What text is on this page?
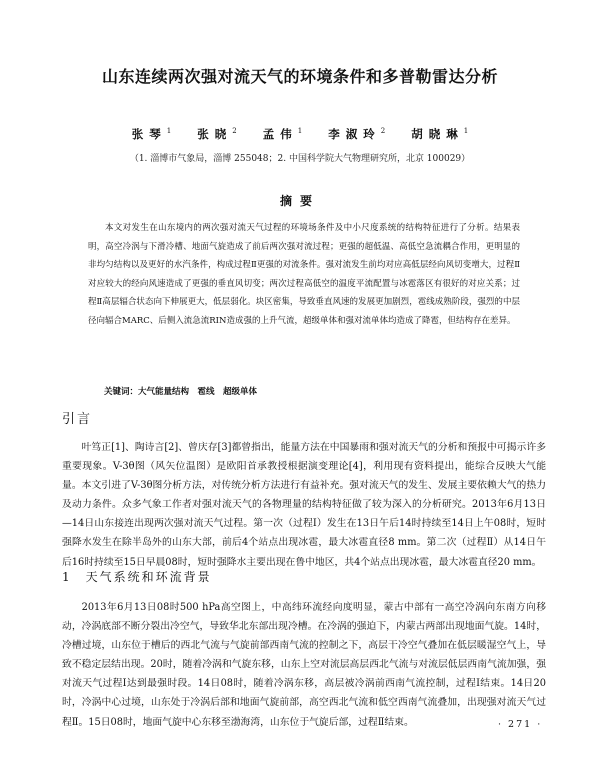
山东连续两次强对流天气的环境条件和多普勒雷达分析
张琴$^1$ 张晓$^2$ 孟伟$^1$ 李淑玲$^2$ 胡晓琳$^1$
（1. 淄博市气象局，淄博 255048；2. 中国科学院大气物理研究所，北京 100029）
摘要

本文对发生在山东境内的两次强对流天气过程的环境场条件及中小尺度系统的结构特征进行了分析。结果表明，高空冷涡与下滑冷槽、地面气旋造成了前后两次强对流过程；更强的超低温、高低空急流耦合作用，更明显的非均匀结构以及更好的水汽条件，构成过程Ⅱ更强的对流条件。强对流发生前均对应高低层经向风切变增大，过程Ⅱ对应较大的经向风速造成了更强的垂直风切变；两次过程高低空的温度平流配置与冰雹落区有很好的对应关系；过程Ⅱ高层辐合状态向下伸展更大，低层弱化。块区密集，导致垂直风速的发展更加剧烈，雹线成熟阶段，强烈的中层径向辐合MARC、后侧入流急流RIN造成强的上升气流，超级单体和强对流单体均造成了降雹，但结构存在差异。

关键词：大气能量结构　雹线　超级单体
引言

叶笃正[1]、陶诗言[2]、曾庆存[3]都曾指出，能量方法在中国暴雨和强对流天气的分析和预报中可揭示许多重要现象。V-3θ图（风矢位温图）是欧阳首承教授根据演变理论[4]，利用现有资料提出，能综合反映大气能量。本文引进了V-3θ图分析方法，对传统分析方法进行有益补充。强对流天气的发生、发展主要依赖大气的热力及动力条件。众多气象工作者对强对流天气的各物理量的结构特征做了较为深入的分析研究。2013年6月13日—14日山东接连出现两次强对流天气过程。第一次（过程Ⅰ）发生在13日午后14时持续至14日上午08时，短时强降水发生在除半岛外的山东大部，前后4个站点出现冰雹，最大冰雹直径8 mm。第二次（过程Ⅱ）从14日午后16时持续至15日早晨08时，短时强降水主要出现在鲁中地区，共4个站点出现冰雹，最大冰雹直径20 mm。

1 天气系统和环流背景

2013年6月13日08时500 hPa高空图上，中高纬环流经向度明显，蒙古中部有一高空冷涡向东南方向移动，冷涡底部不断分裂出冷空气，导致华北东部出现冷槽。在冷涡的强迫下，内蒙古两部出现地面气旋。14时，冷槽过境，山东位于槽后的西北气流与气旋前部西南气流的控制之下，高层干冷空气叠加在低层暖湿空气上，导致不稳定层结出现。20时，随着冷涡和气旋东移，山东上空对流层高层西北气流与对流层低层西南气流加强，强对流天气过程Ⅰ达到最强时段。14日08时，随着冷涡东移，高层被冷涡前西南气流控制，过程Ⅰ结束。14日20时，冷涡中心过境，山东处于冷涡后部和地面气旋前部，高空西北气流和低空西南气流叠加，出现强对流天气过程Ⅱ。15日08时，地面气旋中心东移至渤海湾，山东位于气旋后部，过程Ⅱ结束。	· 271 ·
